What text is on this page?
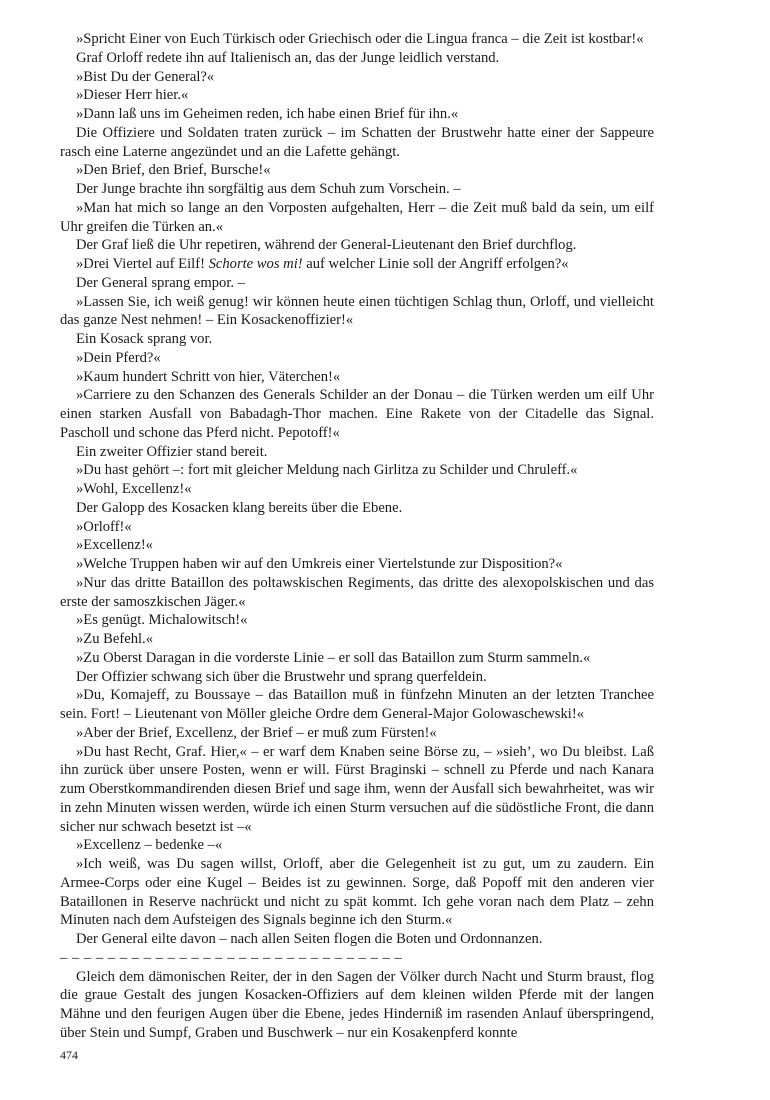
»Spricht Einer von Euch Türkisch oder Griechisch oder die Lingua franca – die Zeit ist kostbar!«

Graf Orloff redete ihn auf Italienisch an, das der Junge leidlich verstand.

»Bist Du der General?«

»Dieser Herr hier.«

»Dann laß uns im Geheimen reden, ich habe einen Brief für ihn.«

Die Offiziere und Soldaten traten zurück – im Schatten der Brustwehr hatte einer der Sappeure rasch eine Laterne angezündet und an die Lafette gehängt.

»Den Brief, den Brief, Bursche!«

Der Junge brachte ihn sorgfältig aus dem Schuh zum Vorschein. –

»Man hat mich so lange an den Vorposten aufgehalten, Herr – die Zeit muß bald da sein, um eilf Uhr greifen die Türken an.«

Der Graf ließ die Uhr repetiren, während der General-Lieutenant den Brief durchflog.

»Drei Viertel auf Eilf! Schorte wos mi! auf welcher Linie soll der Angriff erfolgen?«

Der General sprang empor. –

»Lassen Sie, ich weiß genug! wir können heute einen tüchtigen Schlag thun, Orloff, und vielleicht das ganze Nest nehmen! – Ein Kosackenoffizier!«

Ein Kosack sprang vor.

»Dein Pferd?«

»Kaum hundert Schritt von hier, Väterchen!«

»Carriere zu den Schanzen des Generals Schilder an der Donau – die Türken werden um eilf Uhr einen starken Ausfall von Babadagh-Thor machen. Eine Rakete von der Citadelle das Signal. Pascholl und schone das Pferd nicht. Pepotoff!«

Ein zweiter Offizier stand bereit.

»Du hast gehört –: fort mit gleicher Meldung nach Girlitza zu Schilder und Chruleff.«

»Wohl, Excellenz!«

Der Galopp des Kosacken klang bereits über die Ebene.

»Orloff!«

»Excellenz!«

»Welche Truppen haben wir auf den Umkreis einer Viertelstunde zur Disposition?«

»Nur das dritte Bataillon des poltawskischen Regiments, das dritte des alexopolskischen und das erste der samoszkischen Jäger.«

»Es genügt. Michalowitsch!«

»Zu Befehl.«

»Zu Oberst Daragan in die vorderste Linie – er soll das Bataillon zum Sturm sammeln.«

Der Offizier schwang sich über die Brustwehr und sprang querfeldein.

»Du, Komajeff, zu Boussaye – das Bataillon muß in fünfzehn Minuten an der letzten Tranchee sein. Fort! – Lieutenant von Möller gleiche Ordre dem General-Major Golowaschewski!«

»Aber der Brief, Excellenz, der Brief – er muß zum Fürsten!«

»Du hast Recht, Graf. Hier,« – er warf dem Knaben seine Börse zu, – »sieh’, wo Du bleibst. Laß ihn zurück über unsere Posten, wenn er will. Fürst Braginski – schnell zu Pferde und nach Kanara zum Oberstkommandirenden diesen Brief und sage ihm, wenn der Ausfall sich bewahrheitet, was wir in zehn Minuten wissen werden, würde ich einen Sturm versuchen auf die südöstliche Front, die dann sicher nur schwach besetzt ist –«

»Excellenz – bedenke –«

»Ich weiß, was Du sagen willst, Orloff, aber die Gelegenheit ist zu gut, um zu zaudern. Ein Armee-Corps oder eine Kugel – Beides ist zu gewinnen. Sorge, daß Popoff mit den anderen vier Bataillonen in Reserve nachrückt und nicht zu spät kommt. Ich gehe voran nach dem Platz – zehn Minuten nach dem Aufsteigen des Signals beginne ich den Sturm.«

Der General eilte davon – nach allen Seiten flogen die Boten und Ordonnanzen.

– – – – – – – – – – – – – – – – – – – – – – – – – – – – –

Gleich dem dämonischen Reiter, der in den Sagen der Völker durch Nacht und Sturm braust, flog die graue Gestalt des jungen Kosacken-Offiziers auf dem kleinen wilden Pferde mit der langen Mähne und den feurigen Augen über die Ebene, jedes Hinderniß im rasenden Anlauf überspringend, über Stein und Sumpf, Graben und Buschwerk – nur ein Kosakenpferd konnte

474
